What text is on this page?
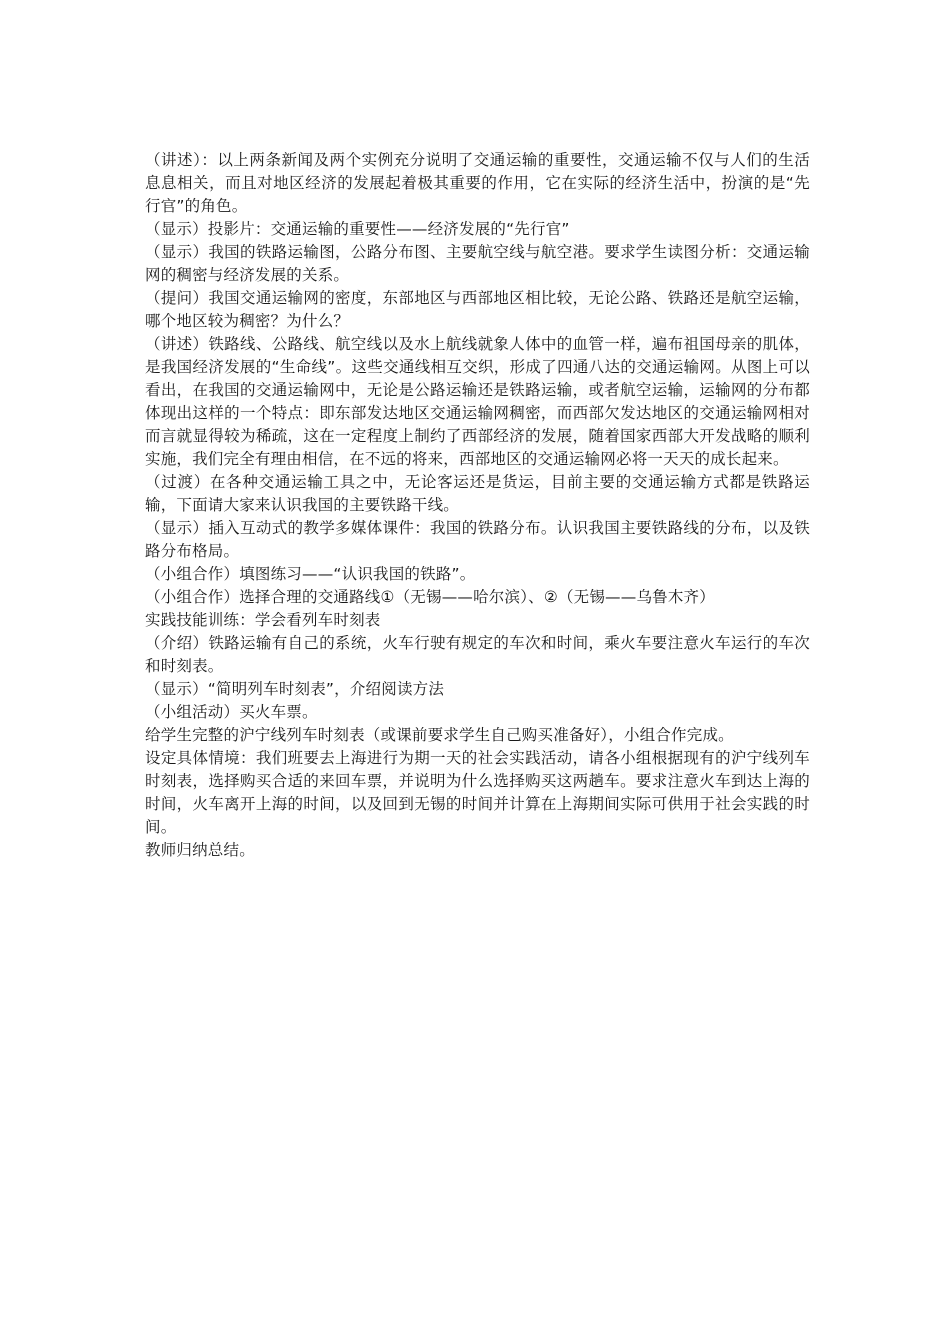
（讲述）：以上两条新闻及两个实例充分说明了交通运输的重要性，交通运输不仅与人们的生活息息相关，而且对地区经济的发展起着极其重要的作用，它在实际的经济生活中，扮演的是“先行官”的角色。

（显示）投影片：交通运输的重要性——经济发展的“先行官”

（显示）我国的铁路运输图，公路分布图、主要航空线与航空港。要求学生读图分析：交通运输网的稠密与经济发展的关系。

（提问）我国交通运输网的密度，东部地区与西部地区相比较，无论公路、铁路还是航空运输，哪个地区较为稠密？为什么？

（讲述）铁路线、公路线、航空线以及水上航线就象人体中的血管一样，遍布祖国母亲的肌体，是我国经济发展的“生命线”。这些交通线相互交织，形成了四通八达的交通运输网。从图上可以看出，在我国的交通运输网中，无论是公路运输还是铁路运输，或者航空运输，运输网的分布都体现出这样的一个特点：即东部发达地区交通运输网稠密，而西部欠发达地区的交通运输网相对而言就显得较为稀疏，这在一定程度上制约了西部经济的发展，随着国家西部大开发战略的顺利实施，我们完全有理由相信，在不远的将来，西部地区的交通运输网必将一天天的成长起来。

（过渡）在各种交通运输工具之中，无论客运还是货运，目前主要的交通运输方式都是铁路运输，下面请大家来认识我国的主要铁路干线。

（显示）插入互动式的教学多媒体课件：我国的铁路分布。认识我国主要铁路线的分布，以及铁路分布格局。

（小组合作）填图练习——“认识我国的铁路”。

（小组合作）选择合理的交通路线①（无锡——哈尔滨）、②（无锡——乌鲁木齐）

实践技能训练：学会看列车时刻表

（介绍）铁路运输有自己的系统，火车行驶有规定的车次和时间，乘火车要注意火车运行的车次和时刻表。

（显示）“简明列车时刻表”，介绍阅读方法

（小组活动）买火车票。

给学生完整的沪宁线列车时刻表（或课前要求学生自己购买准备好），小组合作完成。

设定具体情境：我们班要去上海进行为期一天的社会实践活动，请各小组根据现有的沪宁线列车时刻表，选择购买合适的来回车票，并说明为什么选择购买这两趟车。要求注意火车到达上海的时间，火车离开上海的时间，以及回到无锡的时间并计算在上海期间实际可供用于社会实践的时间。

教师归纳总结。
